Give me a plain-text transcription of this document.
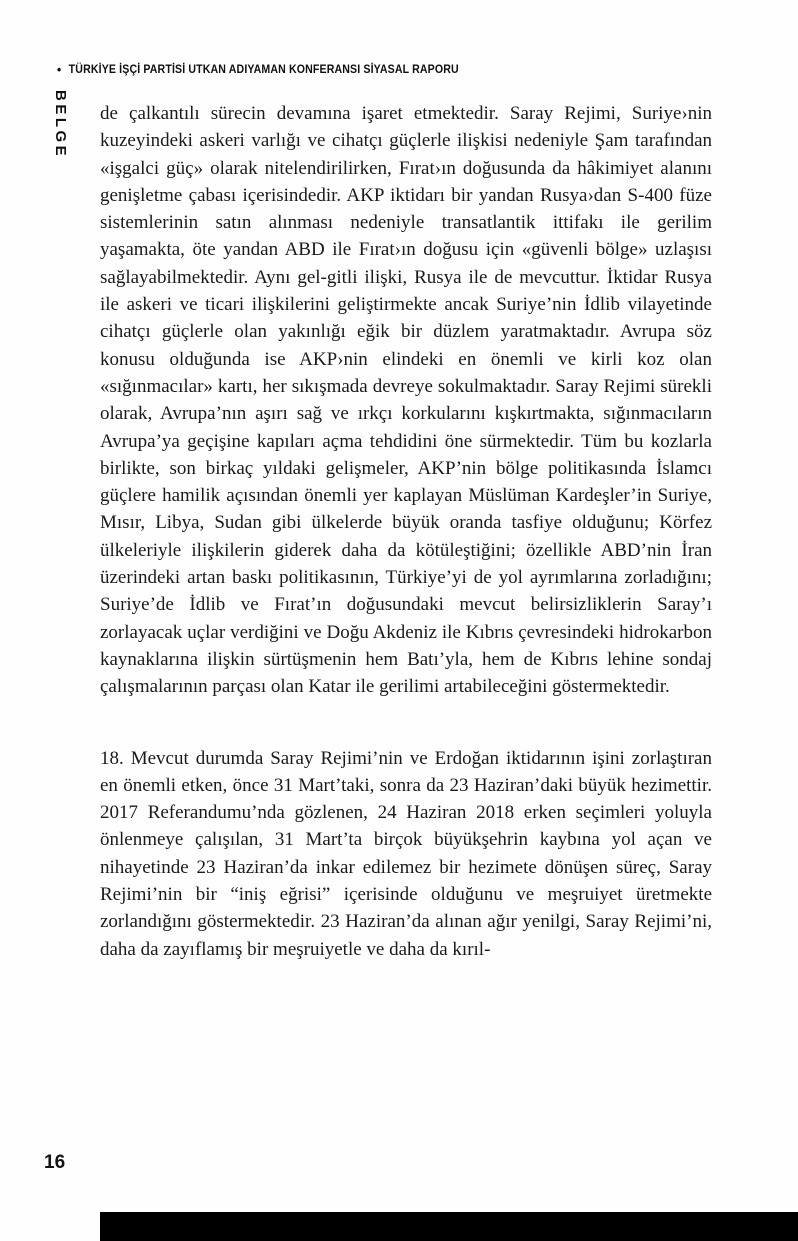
• TÜRKİYE İŞÇİ PARTİSİ UTKAN ADIYAMAN KONFERANSI SİYASAL RAPORU
BELGE de çalkantılı sürecin devamına işaret etmektedir. Saray Rejimi, Suriye›nin kuzeyindeki askeri varlığı ve cihatçı güçlerle ilişkisi nedeniyle Şam tarafından «işgalci güç» olarak nitelendirilirken, Fırat›ın doğusunda da hâkimiyet alanını genişletme çabası içerisindedir. AKP iktidarı bir yandan Rusya›dan S-400 füze sistemlerinin satın alınması nedeniyle transatlantik ittifakı ile gerilim yaşamakta, öte yandan ABD ile Fırat›ın doğusu için «güvenli bölge» uzlaşısı sağlayabilmektedir. Aynı gel-gitli ilişki, Rusya ile de mevcuttur. İktidar Rusya ile askeri ve ticari ilişkilerini geliştirmekte ancak Suriye’nin İdlib vilayetinde cihatçı güçlerle olan yakınlığı eğik bir düzlem yaratmaktadır. Avrupa söz konusu olduğunda ise AKP›nin elindeki en önemli ve kirli koz olan «sığınmacılar» kartı, her sıkışmada devreye sokulmaktadır. Saray Rejimi sürekli olarak, Avrupa’nın aşırı sağ ve ırkçı korkularını kışkırtmakta, sığınmacıların Avrupa’ya geçişine kapıları açma tehdidini öne sürmektedir. Tüm bu kozlarla birlikte, son birkaç yıldaki gelişmeler, AKP’nin bölge politikasında İslamcı güçlere hamilik açısından önemli yer kaplayan Müslüman Kardeşler’in Suriye, Mısır, Libya, Sudan gibi ülkelerde büyük oranda tasfiye olduğunu; Körfez ülkeleriyle ilişkilerin giderek daha da kötüleştiğini; özellikle ABD’nin İran üzerindeki artan baskı politikasının, Türkiye’yi de yol ayrımlarına zorladığını; Suriye’de İdlib ve Fırat’ın doğusundaki mevcut belirsizliklerin Saray’ı zorlayacak uçlar verdiğini ve Doğu Akdeniz ile Kıbrıs çevresindeki hidrokarbon kaynaklarına ilişkin sürtüşmenin hem Batı’yla, hem de Kıbrıs lehine sondaj çalışmalarının parçası olan Katar ile gerilimi artabileceğini göstermektedir.

18. Mevcut durumda Saray Rejimi’nin ve Erdoğan iktidarının işini zorlaştıran en önemli etken, önce 31 Mart’taki, sonra da 23 Haziran’daki büyük hezimettir. 2017 Referandumu’nda gözlenen, 24 Haziran 2018 erken seçimleri yoluyla önlenmeye çalışılan, 31 Mart’ta birçok büyükşehrin kaybına yol açan ve nihayetinde 23 Haziran’da inkar edilemez bir hezimete dönüşen süreç, Saray Rejimi’nin bir “iniş eğrisi” içerisinde olduğunu ve meşruiyet üretmekte zorlandığını göstermektedir. 23 Haziran’da alınan ağır yenilgi, Saray Rejimi’ni, daha da zayıflamış bir meşruiyetle ve daha da kırıl-

16
